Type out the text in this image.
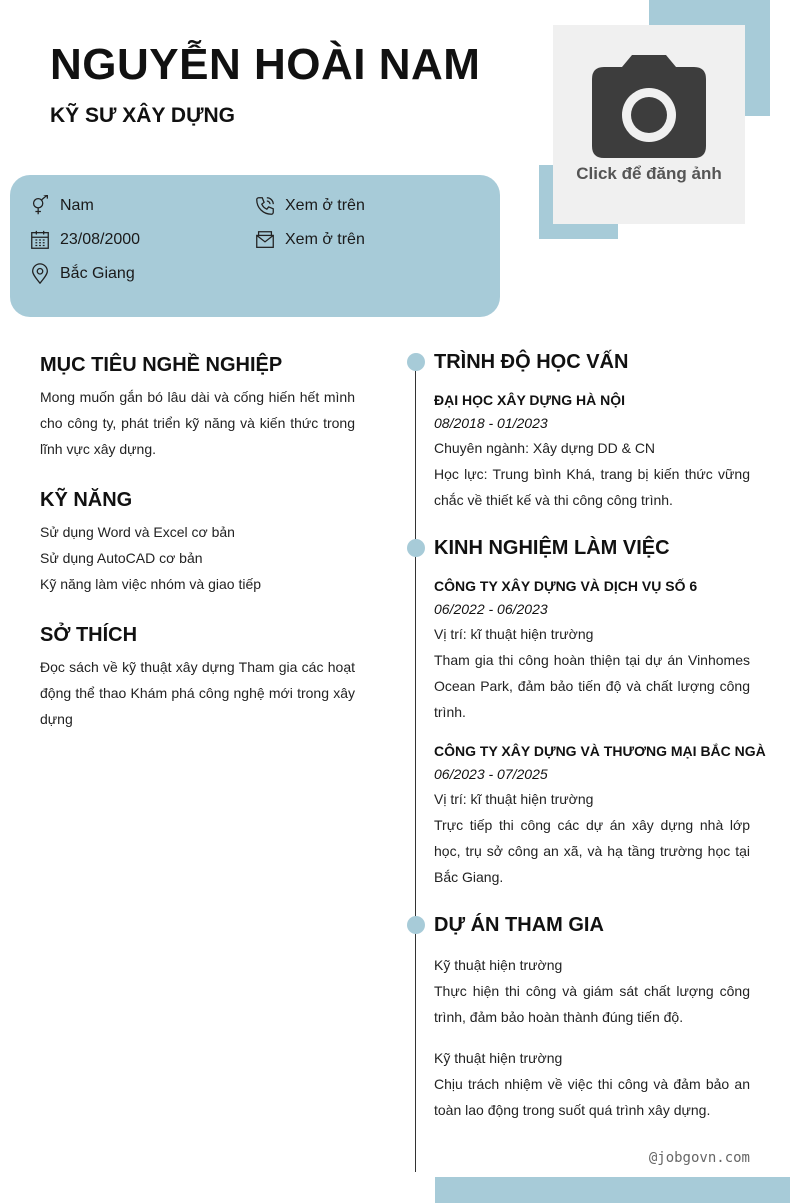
NGUYỄN HOÀI NAM
KỸ SƯ XÂY DỰNG
Click để đăng ảnh
Nam
23/08/2000
Bắc Giang
Xem ở trên
Xem ở trên
MỤC TIÊU NGHỀ NGHIỆP
Mong muốn gắn bó lâu dài và cống hiến hết mình cho công ty, phát triển kỹ năng và kiến thức trong lĩnh vực xây dựng.
KỸ NĂNG
Sử dụng Word và Excel cơ bản
Sử dụng AutoCAD cơ bản
Kỹ năng làm việc nhóm và giao tiếp
SỞ THÍCH
Đọc sách về kỹ thuật xây dựng Tham gia các hoạt động thể thao Khám phá công nghệ mới trong xây dựng
TRÌNH ĐỘ HỌC VẤN
ĐẠI HỌC XÂY DỰNG HÀ NỘI
08/2018 - 01/2023
Chuyên ngành: Xây dựng DD & CN
Học lực: Trung bình Khá, trang bị kiến thức vững chắc về thiết kế và thi công công trình.
KINH NGHIỆM LÀM VIỆC
CÔNG TY XÂY DỰNG VÀ DỊCH VỤ SỐ 6
06/2022 - 06/2023
Vị trí: kĩ thuật hiện trường
Tham gia thi công hoàn thiện tại dự án Vinhomes Ocean Park, đảm bảo tiến độ và chất lượng công trình.
CÔNG TY XÂY DỰNG VÀ THƯƠNG MẠI BẮC NGÀ
06/2023 - 07/2025
Vị trí: kĩ thuật hiện trường
Trực tiếp thi công các dự án xây dựng nhà lớp học, trụ sở công an xã, và hạ tầng trường học tại Bắc Giang.
DỰ ÁN THAM GIA
Kỹ thuật hiện trường
Thực hiện thi công và giám sát chất lượng công trình, đảm bảo hoàn thành đúng tiến độ.
Kỹ thuật hiện trường
Chịu trách nhiệm về việc thi công và đảm bảo an toàn lao động trong suốt quá trình xây dựng.
@jobgovn.com
